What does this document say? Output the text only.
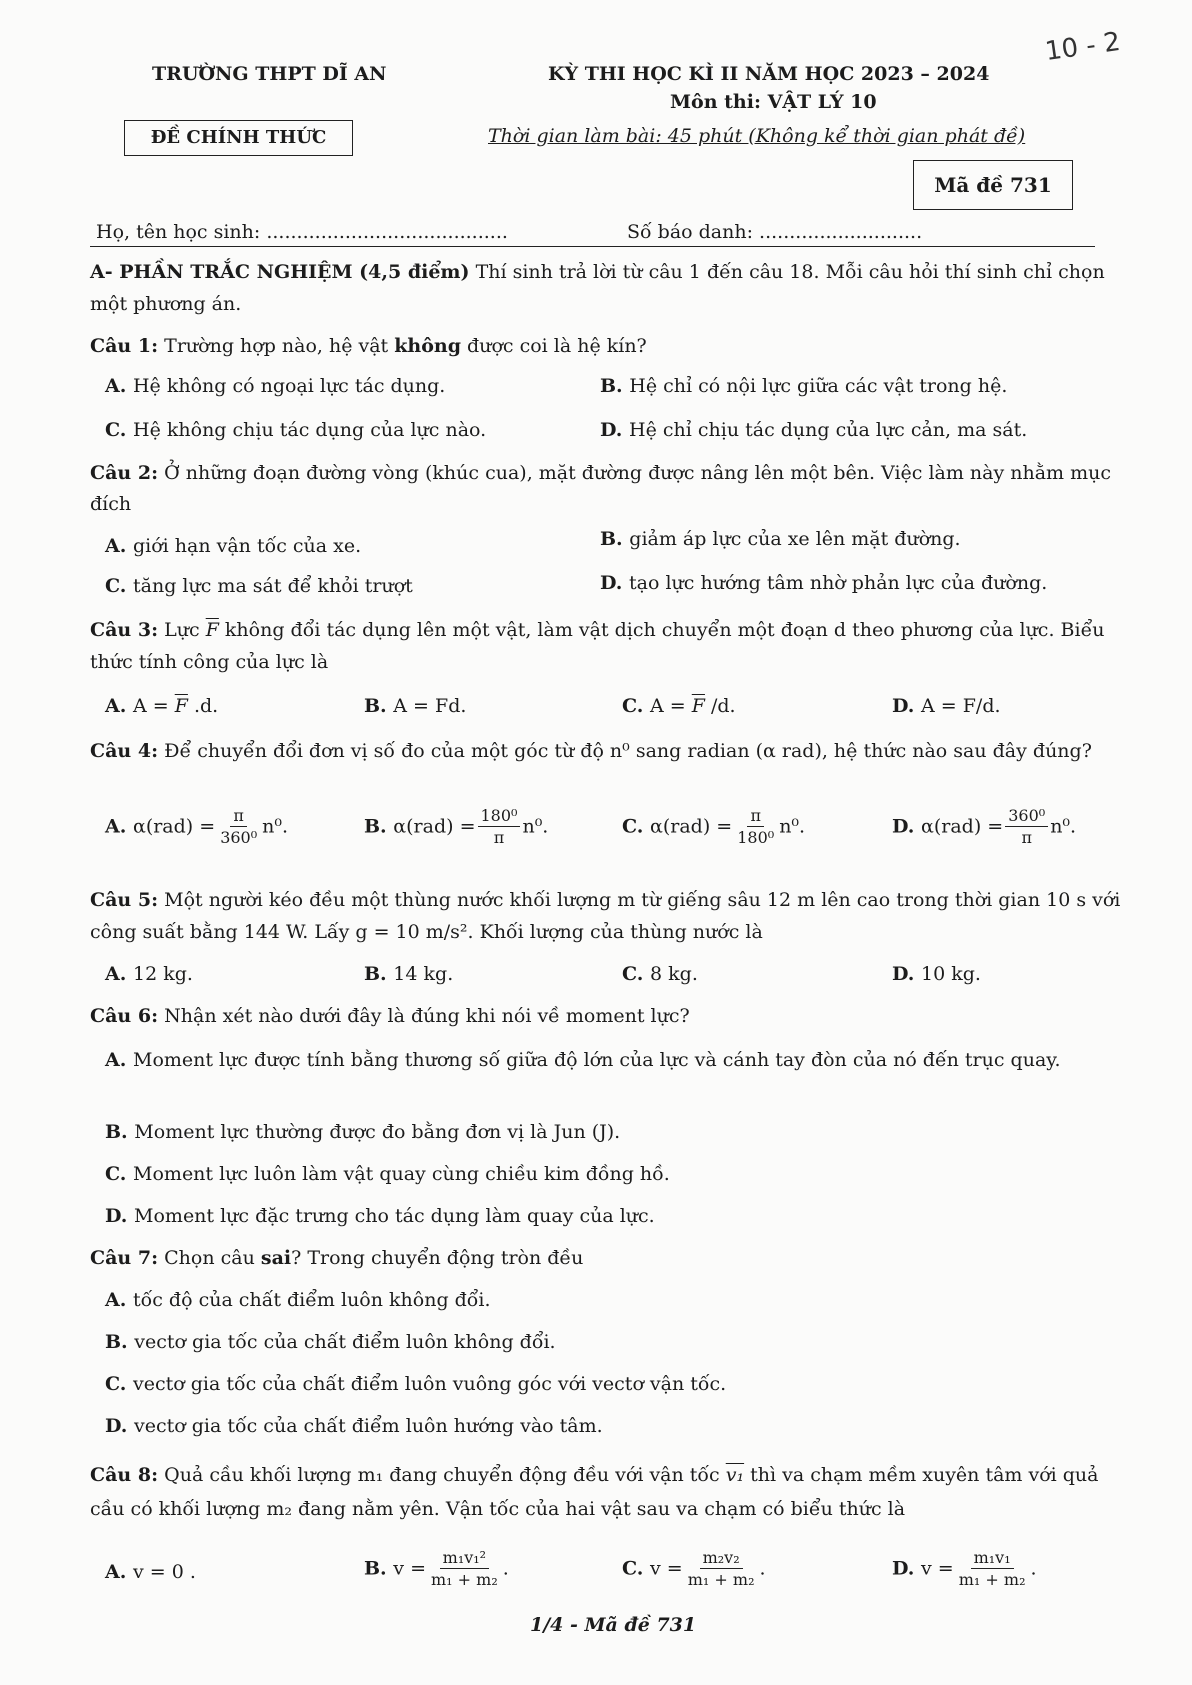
10 - 2
TRƯỜNG THPT DĨ AN	KỲ THI HỌC KÌ II NĂM HỌC 2023 – 2024
Môn thi: VẬT LÝ 10
ĐỀ CHÍNH THỨC	Thời gian làm bài: 45 phút (Không kể thời gian phát đề)
Mã đề 731
Họ, tên học sinh: ........................................	Số báo danh: ...........................
A- PHẦN TRẮC NGHIỆM (4,5 điểm) Thí sinh trả lời từ câu 1 đến câu 18. Mỗi câu hỏi thí sinh chỉ chọn một phương án.
Câu 1: Trường hợp nào, hệ vật không được coi là hệ kín?
A. Hệ không có ngoại lực tác dụng.	B. Hệ chỉ có nội lực giữa các vật trong hệ.
C. Hệ không chịu tác dụng của lực nào.	D. Hệ chỉ chịu tác dụng của lực cản, ma sát.
Câu 2: Ở những đoạn đường vòng (khúc cua), mặt đường được nâng lên một bên. Việc làm này nhằm mục đích
A. giới hạn vận tốc của xe.	B. giảm áp lực của xe lên mặt đường.
C. tăng lực ma sát để khỏi trượt	D. tạo lực hướng tâm nhờ phản lực của đường.
Câu 3: Lực $\overline{F}$ không đổi tác dụng lên một vật, làm vật dịch chuyển một đoạn d theo phương của lực. Biểu thức tính công của lực là
A. $A = \overline{F}$ .d.	B. A = Fd.	C. $A = \overline{F}$ /d.	D. A = F/d.
Câu 4: Để chuyển đổi đơn vị số đo của một góc từ độ n⁰ sang radian (α rad), hệ thức nào sau đây đúng?
A. $\alpha(rad) = \frac{\pi}{\text{360⁰}} n^0$.	B. $\alpha(rad) = \frac{\text{180⁰}}{\pi} n^0$.	C. $\alpha(rad) = \frac{\pi}{\text{180⁰}} n^0$.	D. $\alpha(rad) = \frac{\text{360⁰}}{\pi} n^0$.
Câu 5: Một người kéo đều một thùng nước khối lượng m từ giếng sâu 12 m lên cao trong thời gian 10 s với công suất bằng 144 W. Lấy g = 10 m/s². Khối lượng của thùng nước là
A. 12 kg.	B. 14 kg.	C. 8 kg.	D. 10 kg.
Câu 6: Nhận xét nào dưới đây là đúng khi nói về moment lực?
A. Moment lực được tính bằng thương số giữa độ lớn của lực và cánh tay đòn của nó đến trục quay.
B. Moment lực thường được đo bằng đơn vị là Jun (J).
C. Moment lực luôn làm vật quay cùng chiều kim đồng hồ.
D. Moment lực đặc trưng cho tác dụng làm quay của lực.
Câu 7: Chọn câu sai? Trong chuyển động tròn đều
A. tốc độ của chất điểm luôn không đổi.
B. vectơ gia tốc của chất điểm luôn không đổi.
C. vectơ gia tốc của chất điểm luôn vuông góc với vectơ vận tốc.
D. vectơ gia tốc của chất điểm luôn hướng vào tâm.
Câu 8: Quả cầu khối lượng m₁ đang chuyển động đều với vận tốc v₁ thì va chạm mềm xuyên tâm với quả cầu có khối lượng m₂ đang nằm yên. Vận tốc của hai vật sau va chạm có biểu thức là
A. v = 0 .	B. $v = \frac{\text{m₁v₁²}}{\text{m₁ + m₂}}$ .	C. $v = \frac{\text{m₂v₂}}{\text{m₁ + m₂}}$ .	D. $v = \frac{\text{m₁v₁}}{\text{m₁ + m₂}}$ .
1/4 - Mã đề 731
